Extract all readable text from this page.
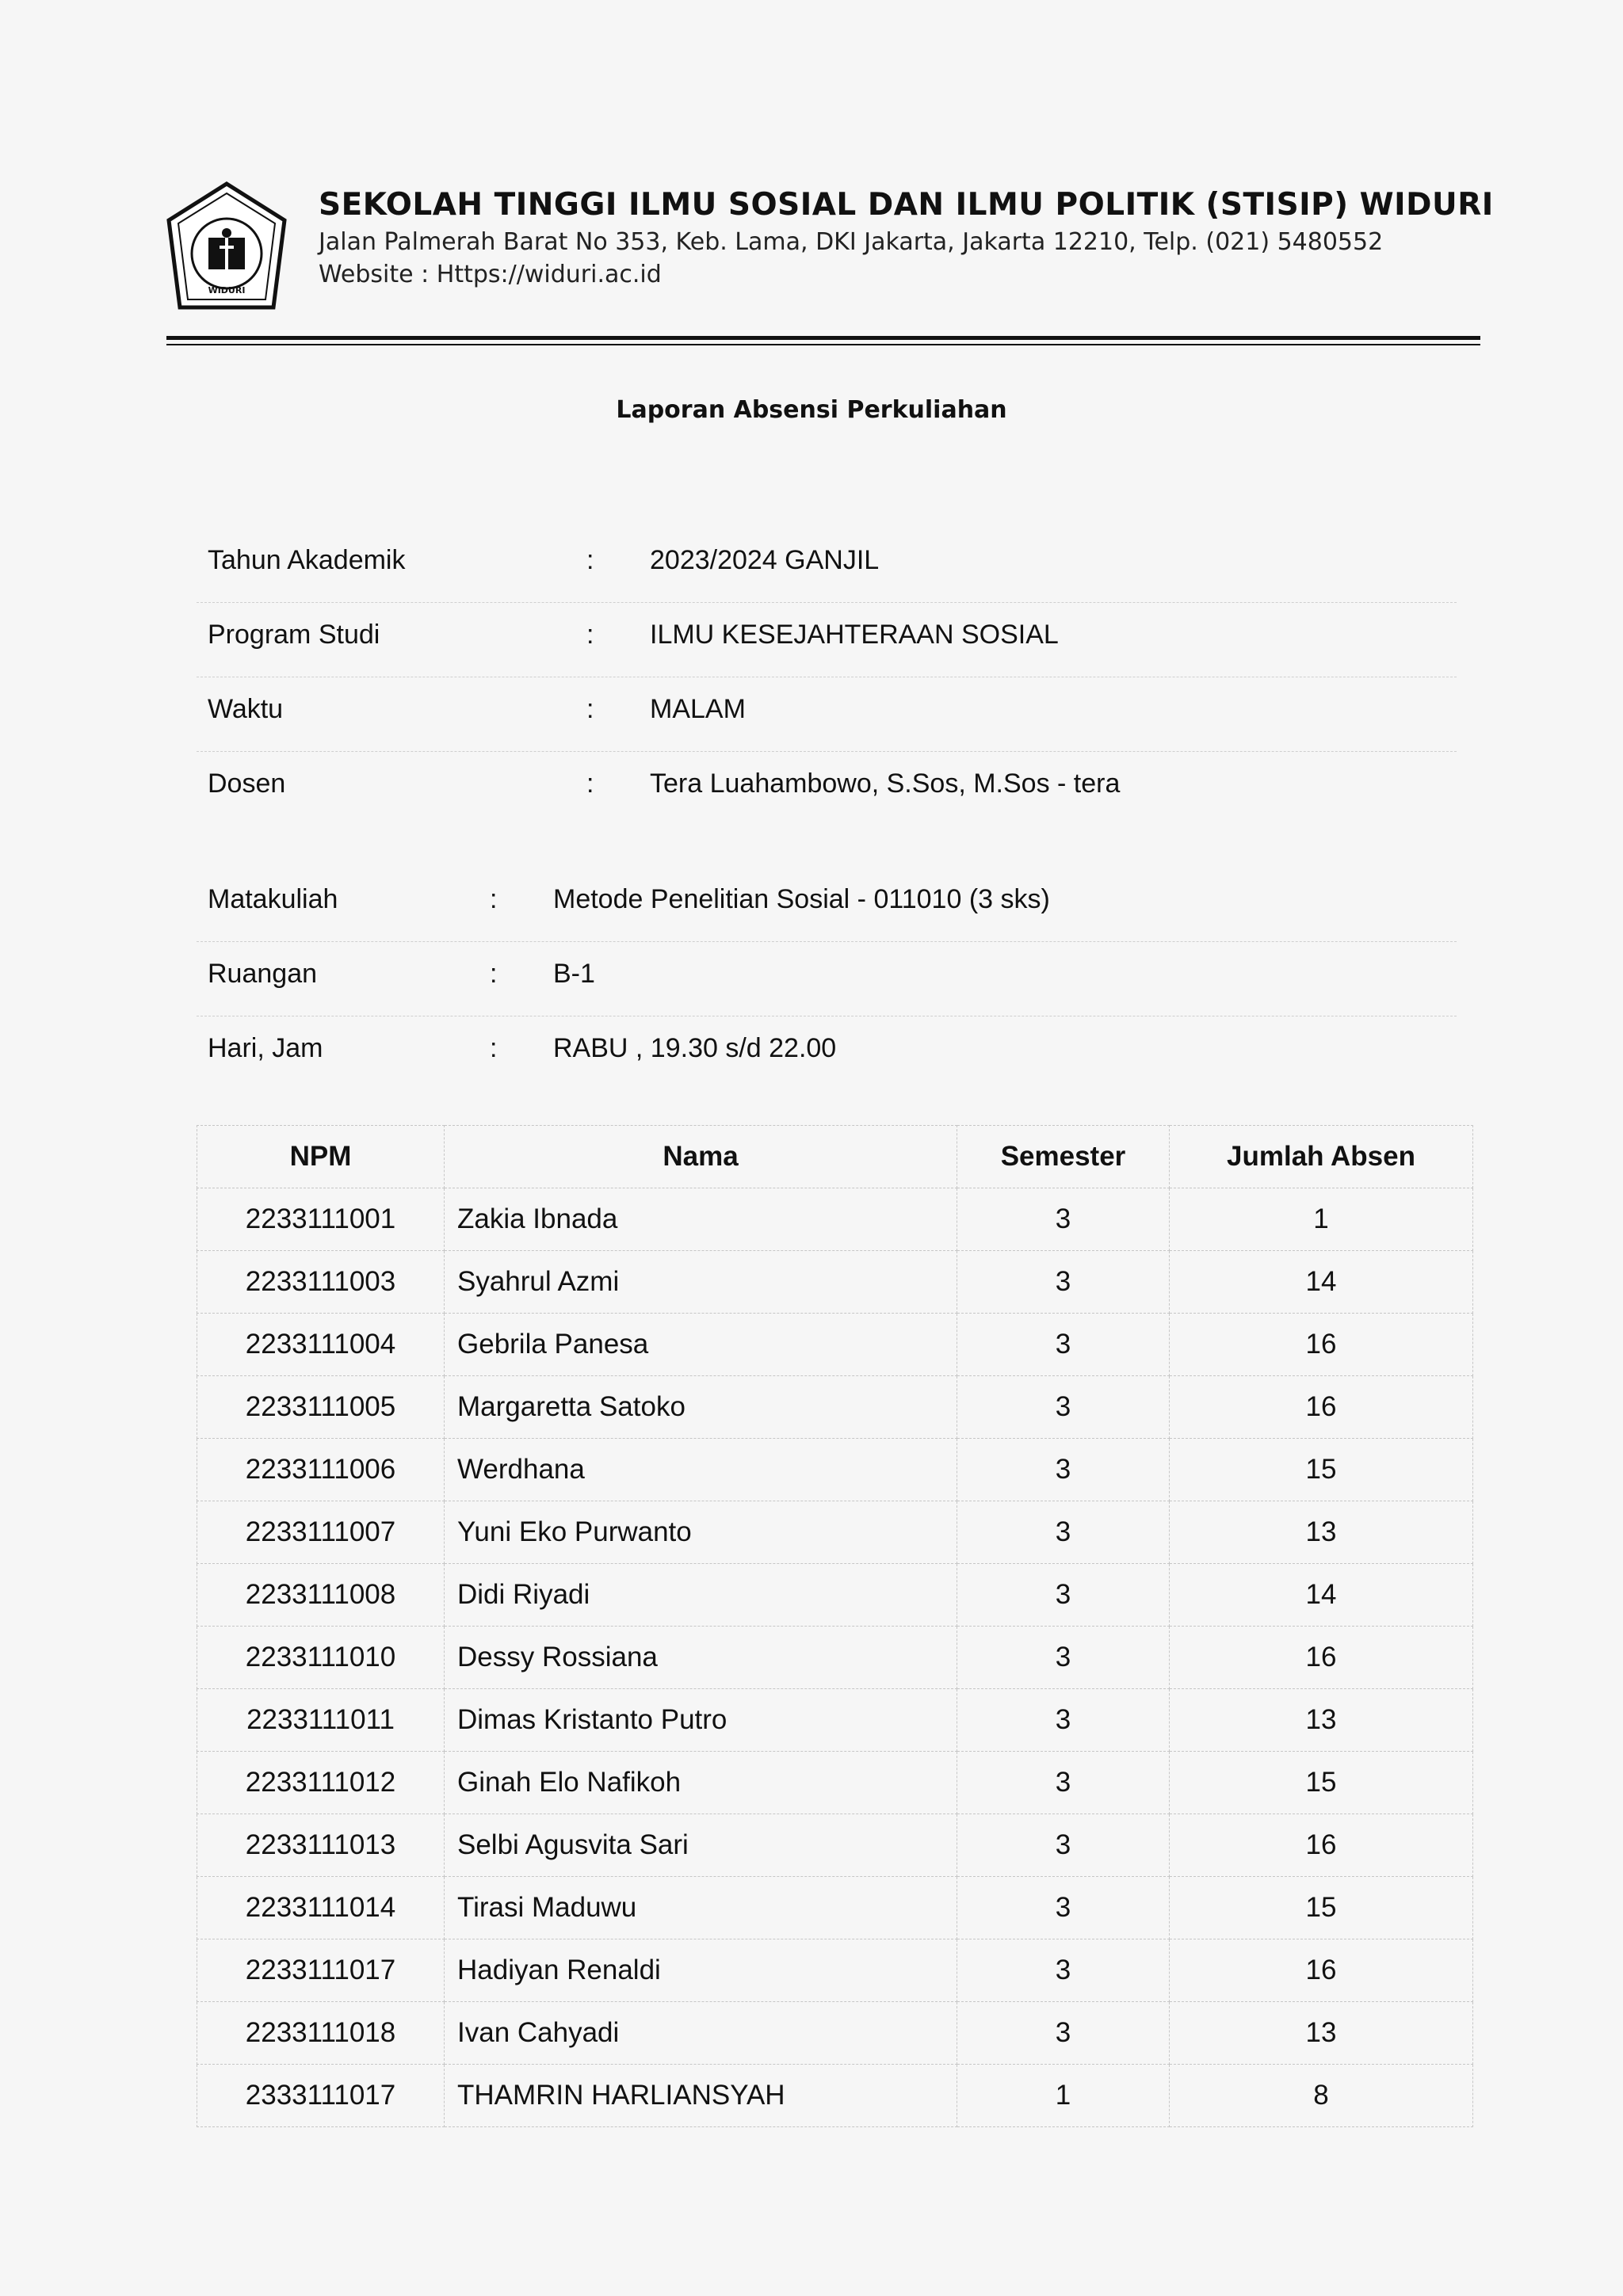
WIDURI
SEKOLAH TINGGI ILMU SOSIAL DAN ILMU POLITIK (STISIP) WIDURI
Jalan Palmerah Barat No 353, Keb. Lama, DKI Jakarta, Jakarta 12210, Telp. (021) 5480552
Website : Https://widuri.ac.id
Laporan Absensi Perkuliahan
Tahun Akademik	: 2023/2024 GANJIL
Program Studi	: ILMU KESEJAHTERAAN SOSIAL
Waktu	: MALAM
Dosen	: Tera Luahambowo, S.Sos, M.Sos - tera
Matakuliah	: Metode Penelitian Sosial - 011010 (3 sks)
Ruangan	: B-1
Hari, Jam	: RABU , 19.30 s/d 22.00
NPM	Nama	Semester	Jumlah Absen
2233111001	Zakia Ibnada	3	1
2233111003	Syahrul Azmi	3	14
2233111004	Gebrila Panesa	3	16
2233111005	Margaretta Satoko	3	16
2233111006	Werdhana	3	15
2233111007	Yuni Eko Purwanto	3	13
2233111008	Didi Riyadi	3	14
2233111010	Dessy Rossiana	3	16
2233111011	Dimas Kristanto Putro	3	13
2233111012	Ginah Elo Nafikoh	3	15
2233111013	Selbi Agusvita Sari	3	16
2233111014	Tirasi Maduwu	3	15
2233111017	Hadiyan Renaldi	3	16
2233111018	Ivan Cahyadi	3	13
2333111017	THAMRIN HARLIANSYAH	1	8
